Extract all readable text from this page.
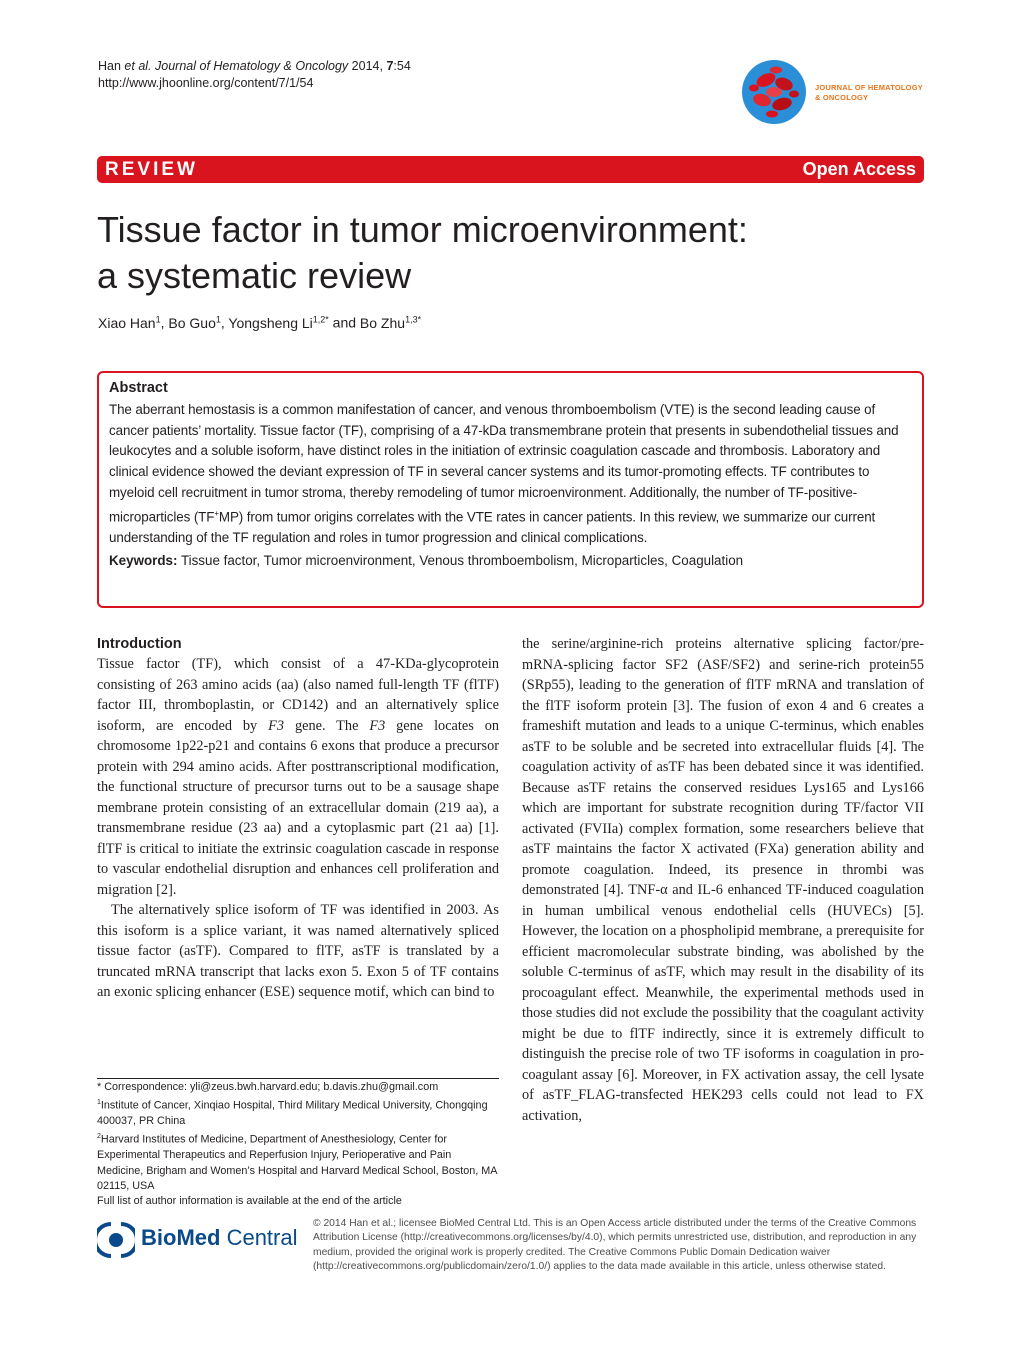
Han et al. Journal of Hematology & Oncology 2014, 7:54
http://www.jhoonline.org/content/7/1/54	JOURNAL OF HEMATOLOGY
& ONCOLOGY
REVIEW	Open Access
Tissue factor in tumor microenvironment:
a systematic review
Xiao Han$^1$, Bo Guo$^1$, Yongsheng $Li^{1,2*}$ and Bo Zhu$^{1,3*}$
Abstract
The aberrant hemostasis is a common manifestation of cancer, and venous thromboembolism (VTE) is the second leading cause of cancer patients’ mortality. Tissue factor (TF), comprising of a 47-kDa transmembrane protein that presents in subendothelial tissues and leukocytes and a soluble isoform, have distinct roles in the initiation of extrinsic coagulation cascade and thrombosis. Laboratory and clinical evidence showed the deviant expression of TF in several cancer systems and its tumor-promoting effects. TF contributes to myeloid cell recruitment in tumor stroma, thereby remodeling of tumor microenvironment. Additionally, the number of TF-positive-microparticles (TF+MP) from tumor origins correlates with the VTE rates in cancer patients. In this review, we summarize our current understanding of the TF regulation and roles in tumor progression and clinical complications.
Keywords: Tissue factor, Tumor microenvironment, Venous thromboembolism, Microparticles, Coagulation
Introduction

Tissue factor (TF), which consist of a 47-KDa-glycoprotein consisting of 263 amino acids (aa) (also named full-length TF (flTF) factor III, thromboplastin, or CD142) and an alternatively splice isoform, are encoded by F3 gene. The F3 gene locates on chromosome 1p22-p21 and contains 6 exons that produce a precursor protein with 294 amino acids. After posttranscriptional modification, the functional structure of precursor turns out to be a sausage shape membrane protein consisting of an extracellular domain (219 aa), a transmembrane residue (23 aa) and a cytoplasmic part (21 aa) [1]. flTF is critical to initiate the extrinsic coagulation cascade in response to vascular endothelial disruption and enhances cell proliferation and migration [2].

The alternatively splice isoform of TF was identified in 2003. As this isoform is a splice variant, it was named alternatively spliced tissue factor (asTF). Compared to flTF, asTF is translated by a truncated mRNA transcript that lacks exon 5. Exon 5 of TF contains an exonic splicing enhancer (ESE) sequence motif, which can bind to

the serine/arginine-rich proteins alternative splicing factor/pre-mRNA-splicing factor SF2 (ASF/SF2) and serine-rich protein55 (SRp55), leading to the generation of flTF mRNA and translation of the flTF isoform protein [3]. The fusion of exon 4 and 6 creates a frameshift mutation and leads to a unique C-terminus, which enables asTF to be soluble and be secreted into extracellular fluids [4]. The coagulation activity of asTF has been debated since it was identified. Because asTF retains the conserved residues Lys165 and Lys166 which are important for substrate recognition during TF/factor VII activated (FVIIa) complex formation, some researchers believe that asTF maintains the factor X activated (FXa) generation ability and promote coagulation. Indeed, its presence in thrombi was demonstrated [4]. TNF-α and IL-6 enhanced TF-induced coagulation in human umbilical venous endothelial cells (HUVECs) [5]. However, the location on a phospholipid membrane, a prerequisite for efficient macromolecular substrate binding, was abolished by the soluble C-terminus of asTF, which may result in the disability of its procoagulant effect. Meanwhile, the experimental methods used in those studies did not exclude the possibility that the coagulant activity might be due to flTF indirectly, since it is extremely difficult to distinguish the precise role of two TF isoforms in coagulation in pro-coagulant assay [6]. Moreover, in FX activation assay, the cell lysate of asTF_FLAG-transfected HEK293 cells could not lead to FX activation,

* Correspondence: yli@zeus.bwh.harvard.edu; b.davis.zhu@gmail.com
$^1$Institute of Cancer, Xinqiao Hospital, Third Military Medical University, Chongqing 400037, PR China
$^2$Harvard Institutes of Medicine, Department of Anesthesiology, Center for Experimental Therapeutics and Reperfusion Injury, Perioperative and Pain Medicine, Brigham and Women’s Hospital and Harvard Medical School, Boston, MA 02115, USA
Full list of author information is available at the end of the article
BioMed Central
© 2014 Han et al.; licensee BioMed Central Ltd. This is an Open Access article distributed under the terms of the Creative Commons Attribution License (http://creativecommons.org/licenses/by/4.0), which permits unrestricted use, distribution, and reproduction in any medium, provided the original work is properly credited. The Creative Commons Public Domain Dedication waiver (http://creativecommons.org/publicdomain/zero/1.0/) applies to the data made available in this article, unless otherwise stated.
